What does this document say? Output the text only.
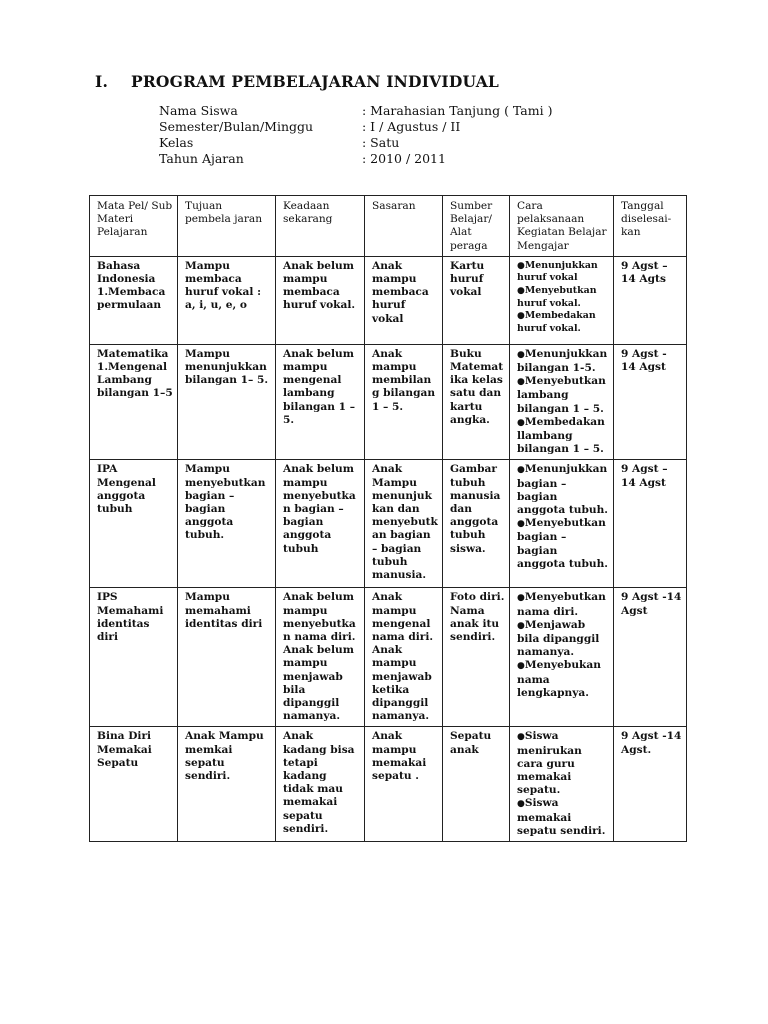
I. PROGRAM PEMBELAJARAN INDIVIDUAL
Nama Siswa	: Marahasian Tanjung ( Tami )
Semester/Bulan/Minggu	: I / Agustus / II
Kelas	: Satu
Tahun Ajaran	: 2010 / 2011
Mata Pel/ Sub Materi Pelajaran	Tujuan pembela jaran	Keadaan sekarang	Sasaran	Sumber Belajar/ Alat peraga	Cara pelaksanaan Kegiatan Belajar Mengajar	Tanggal diselesai-kan
Bahasa Indonesia 1.Membaca permulaan	Mampu membaca huruf vokal : a, i, u, e, o	Anak belum mampu membaca huruf vokal.	Anak mampu membaca huruf vokal	Kartu huruf vokal	●Menunjukkan huruf vokal
●Menyebutkan huruf vokal.
●Membedakan huruf vokal.	9 Agst – 14 Agts
Matematika 1.Mengenal Lambang bilangan 1–5	Mampu menunjukkan bilangan 1– 5.	Anak belum mampu mengenal lambang bilangan 1 – 5.	Anak mampu membilang bilangan 1 – 5.	Buku Matematika kelas satu dan kartu angka.	●Menunjukkan bilangan 1-5.
●Menyebutkan lambang bilangan 1 – 5.
●Membedakan llambang bilangan 1 – 5.	9 Agst - 14 Agst
IPA Mengenal anggota tubuh	Mampu menyebutkan bagian – bagian anggota tubuh.	Anak belum mampu menyebutkan bagian – bagian anggota tubuh	Anak Mampu menunjukkan dan menyebutkan bagian – bagian tubuh manusia.	Gambar tubuh manusia dan anggota tubuh siswa.	●Menunjukkan bagian – bagian anggota tubuh.
●Menyebutkan bagian – bagian anggota tubuh.	9 Agst – 14 Agst
IPS Memahami identitas diri	Mampu memahami identitas diri	Anak belum mampu menyebutkan nama diri. Anak belum mampu menjawab bila dipanggil namanya.	Anak mampu mengenal nama diri. Anak mampu menjawab ketika dipanggil namanya.	Foto diri. Nama anak itu sendiri.	●Menyebutkan nama diri.
●Menjawab bila dipanggil namanya.
●Menyebukan nama lengkapnya.	9 Agst -14 Agst
Bina Diri Memakai Sepatu	Anak Mampu memkai sepatu sendiri.	Anak kadang bisa tetapi kadang tidak mau memakai sepatu sendiri.	Anak mampu memakai sepatu .	Sepatu anak	●Siswa menirukan cara guru memakai sepatu.
●Siswa memakai sepatu sendiri.	9 Agst -14 Agst.
